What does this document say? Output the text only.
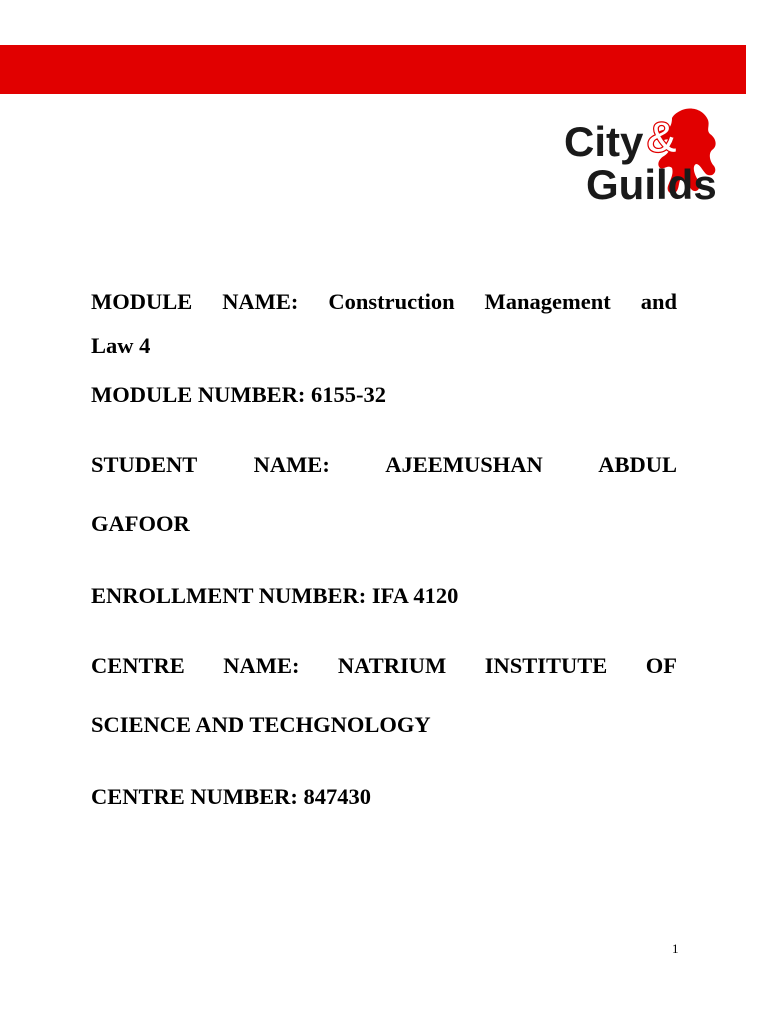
City &
Guilds
MODULE NAME: Construction Management and
Law 4
MODULE NUMBER: 6155-32
STUDENT NAME: AJEEMUSHAN ABDUL
GAFOOR
ENROLLMENT NUMBER: IFA 4120
CENTRE NAME: NATRIUM INSTITUTE OF
SCIENCE AND TECHGNOLOGY
CENTRE NUMBER: 847430
1
